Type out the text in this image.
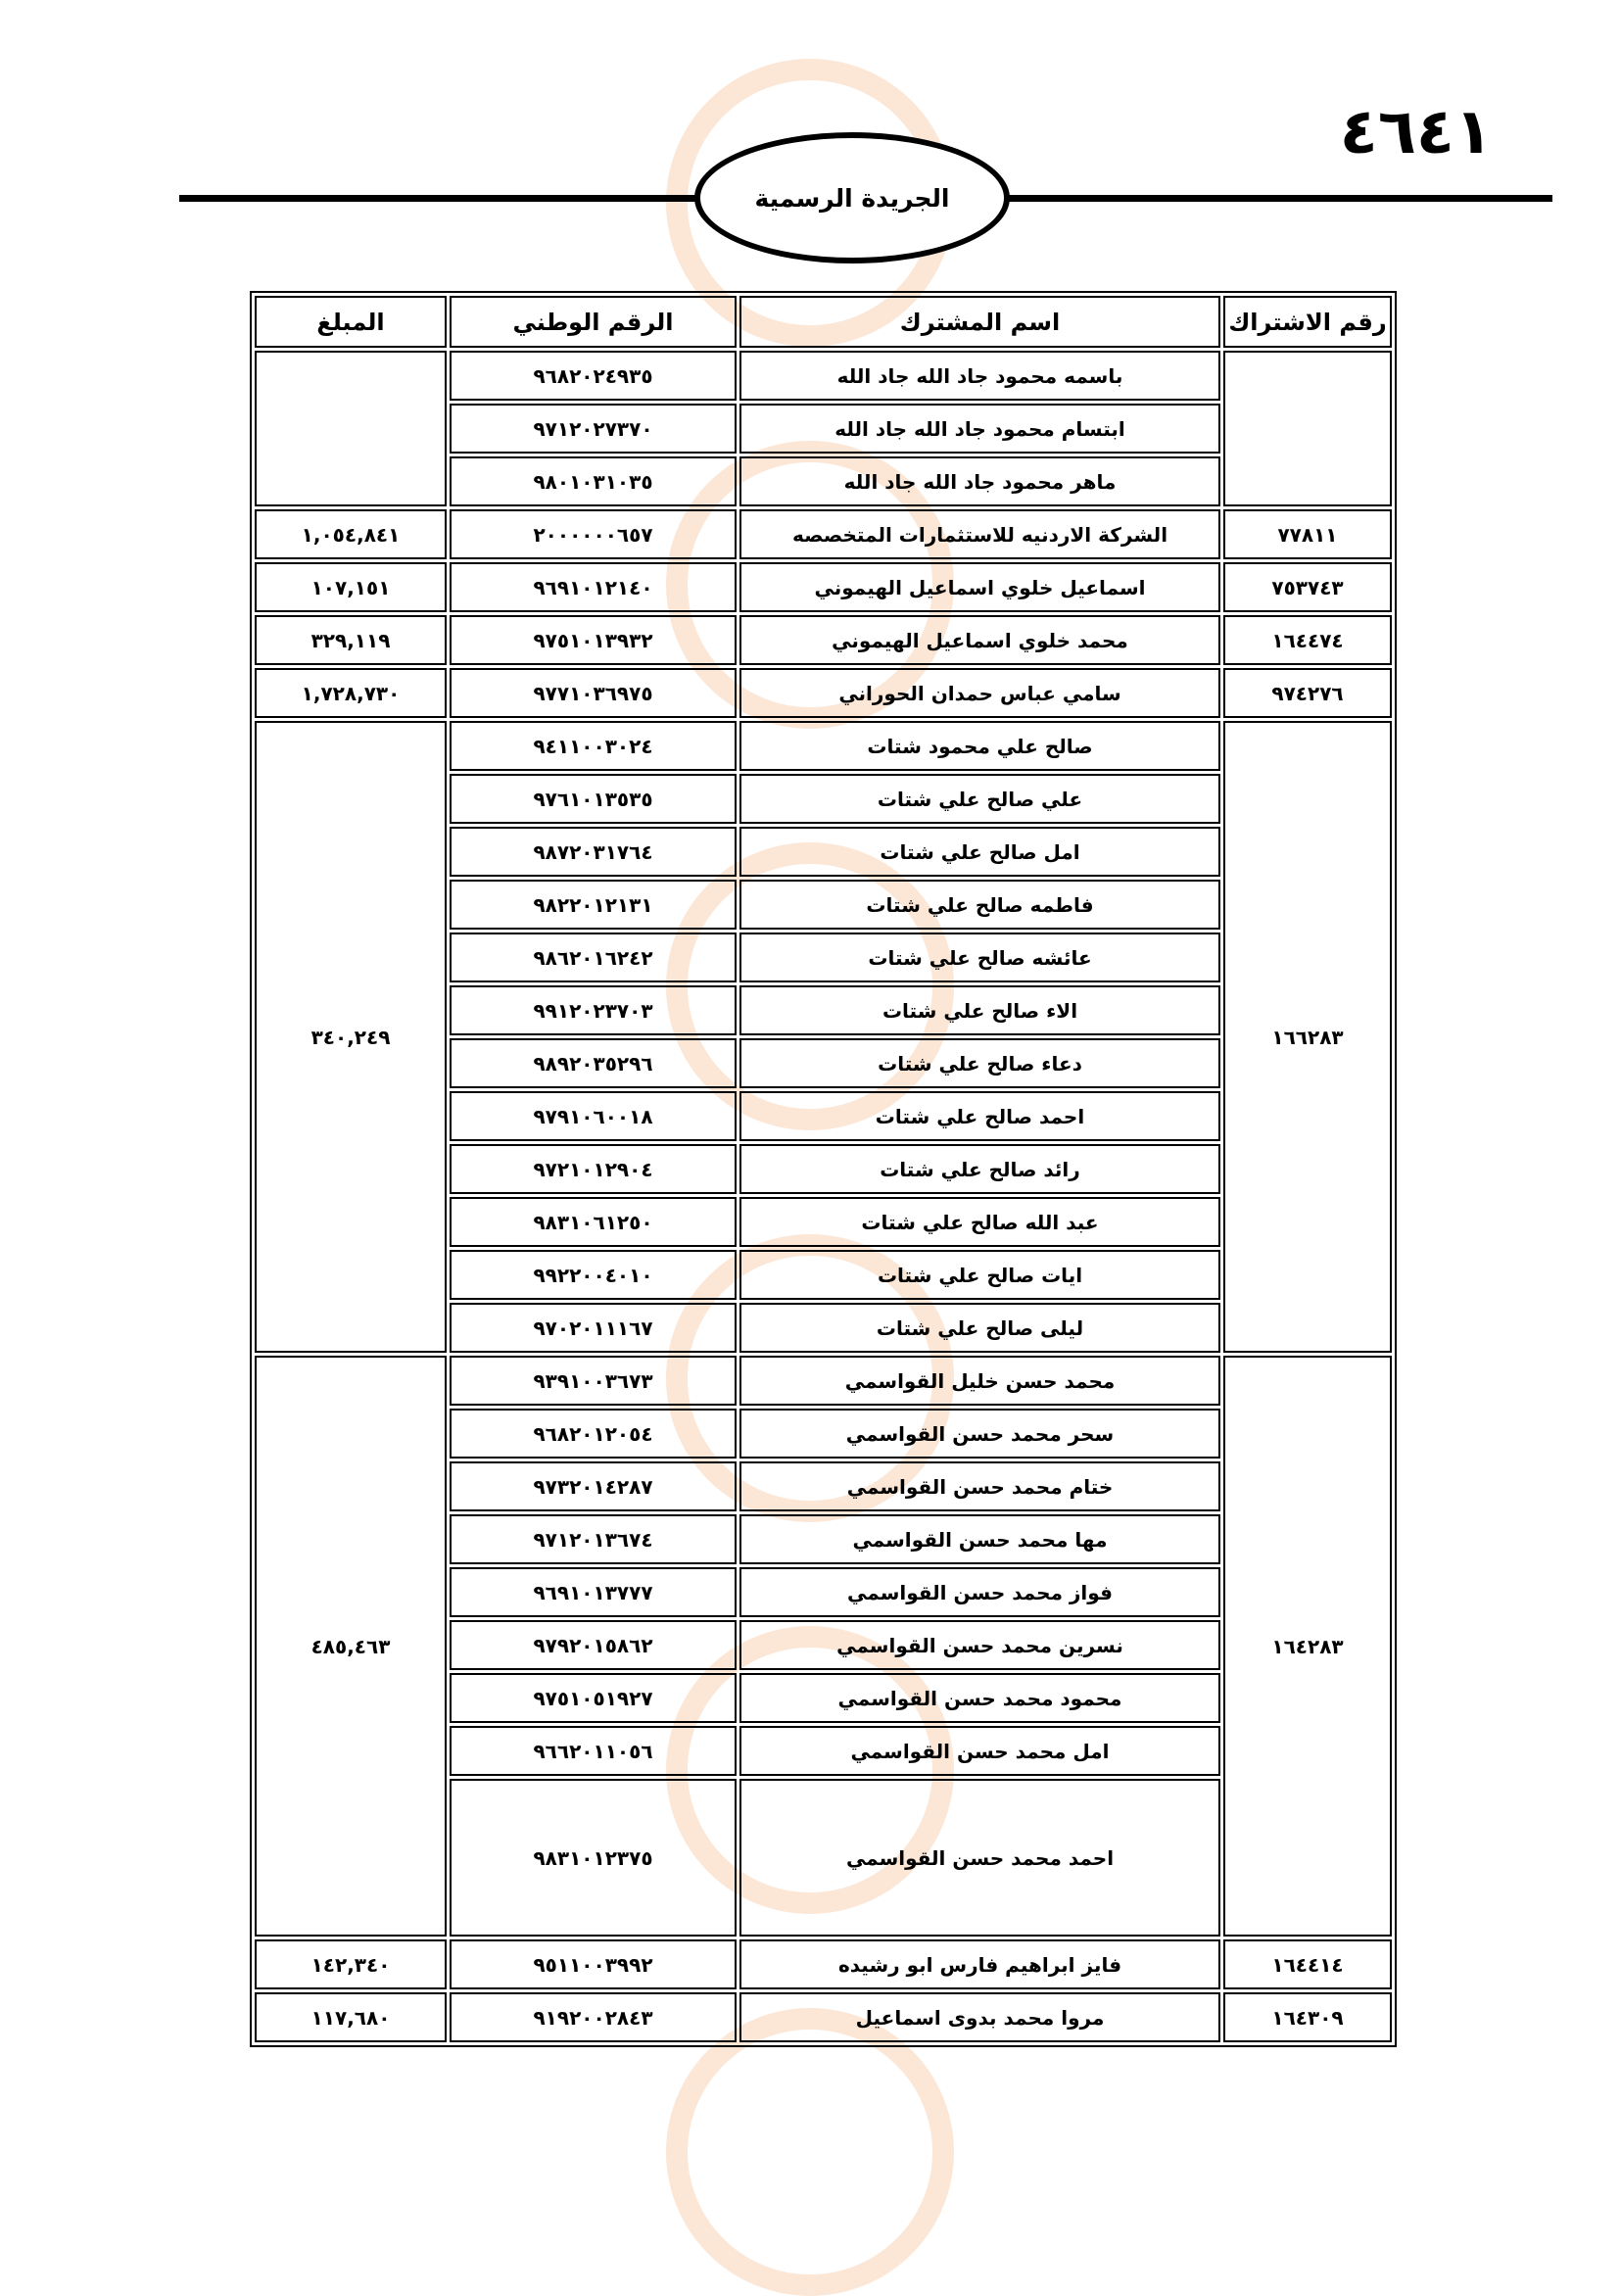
٤٦٤١
الجريدة الرسمية
رقم الاشتراك	اسم المشترك	الرقم الوطني	المبلغ
	باسمه محمود جاد الله جاد الله	٩٦٨٢٠٢٤٩٣٥	
	ابتسام محمود جاد الله جاد الله	٩٧١٢٠٢٧٣٧٠	
	ماهر محمود جاد الله جاد الله	٩٨٠١٠٣١٠٣٥	
٧٧٨١١	الشركة الاردنيه للاستثمارات المتخصصه	٢٠٠٠٠٠٠٦٥٧	١,٠٥٤,٨٤١
٧٥٣٧٤٣	اسماعيل خلوي اسماعيل الهيموني	٩٦٩١٠١٢١٤٠	١٠٧,١٥١
١٦٤٤٧٤	محمد خلوي اسماعيل الهيموني	٩٧٥١٠١٣٩٣٢	٣٢٩,١١٩
٩٧٤٢٧٦	سامي عباس حمدان الحوراني	٩٧٧١٠٣٦٩٧٥	١,٧٢٨,٧٣٠
١٦٦٢٨٣	صالح علي محمود شتات	٩٤١١٠٠٣٠٢٤	٣٤٠,٢٤٩
	علي صالح علي شتات	٩٧٦١٠١٣٥٣٥	
	امل صالح علي شتات	٩٨٧٢٠٣١٧٦٤	
	فاطمه صالح علي شتات	٩٨٢٢٠١٢١٣١	
	عائشه صالح علي شتات	٩٨٦٢٠١٦٢٤٢	
	الاء صالح علي شتات	٩٩١٢٠٢٣٧٠٣	
	دعاء صالح علي شتات	٩٨٩٢٠٣٥٢٩٦	
	احمد صالح علي شتات	٩٧٩١٠٦٠٠١٨	
	رائد صالح علي شتات	٩٧٢١٠١٢٩٠٤	
	عبد الله صالح علي شتات	٩٨٣١٠٦١٢٥٠	
	ايات صالح علي شتات	٩٩٢٢٠٠٤٠١٠	
	ليلى صالح علي شتات	٩٧٠٢٠١١١٦٧	
١٦٤٢٨٣	محمد حسن خليل القواسمي	٩٣٩١٠٠٣٦٧٣	٤٨٥,٤٦٣
	سحر محمد حسن القواسمي	٩٦٨٢٠١٢٠٥٤	
	ختام محمد حسن القواسمي	٩٧٣٢٠١٤٢٨٧	
	مها محمد حسن القواسمي	٩٧١٢٠١٣٦٧٤	
	فواز محمد حسن القواسمي	٩٦٩١٠١٣٧٧٧	
	نسرين محمد حسن القواسمي	٩٧٩٢٠١٥٨٦٢	
	محمود محمد حسن القواسمي	٩٧٥١٠٥١٩٢٧	
	امل محمد حسن القواسمي	٩٦٦٢٠١١٠٥٦	
	احمد محمد حسن القواسمي	٩٨٣١٠١٢٣٧٥	
١٦٤٤١٤	فايز ابراهيم فارس ابو رشيده	٩٥١١٠٠٣٩٩٢	١٤٢,٣٤٠
١٦٤٣٠٩	مروا محمد بدوى اسماعيل	٩١٩٢٠٠٢٨٤٣	١١٧,٦٨٠
